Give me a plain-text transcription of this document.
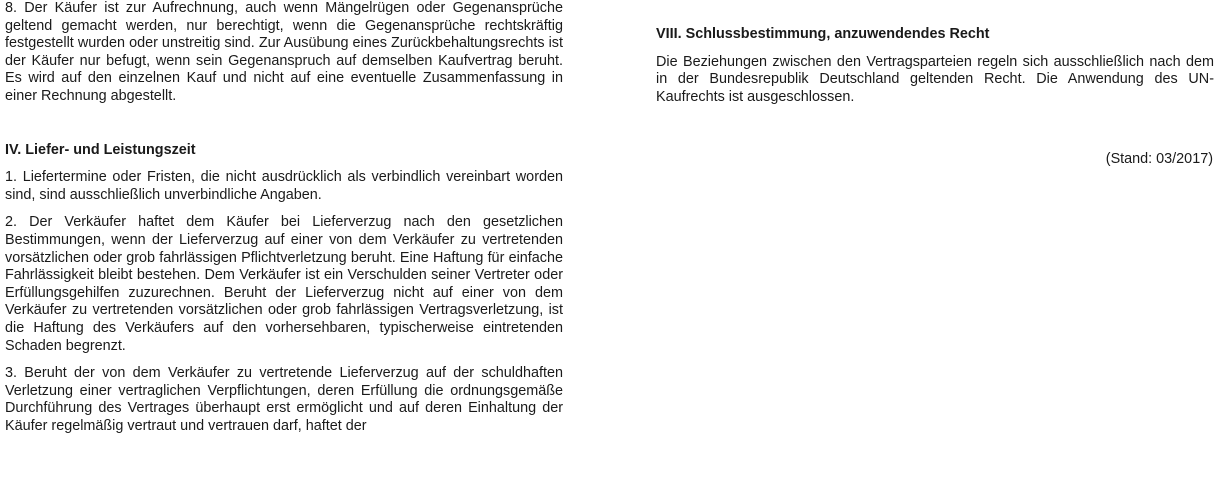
8. Der Käufer ist zur Aufrechnung, auch wenn Mängelrügen oder Gegenansprüche geltend gemacht werden, nur berechtigt, wenn die Gegenansprüche rechtskräftig festgestellt wurden oder unstreitig sind. Zur Ausübung eines Zurückbehaltungsrechts ist der Käufer nur befugt, wenn sein Gegenanspruch auf demselben Kaufvertrag beruht. Es wird auf den einzelnen Kauf und nicht auf eine eventuelle Zusammenfassung in einer Rechnung abgestellt.

IV. Liefer- und Leistungszeit

1. Liefertermine oder Fristen, die nicht ausdrücklich als verbindlich vereinbart worden sind, sind ausschließlich unverbindliche Angaben.

2. Der Verkäufer haftet dem Käufer bei Lieferverzug nach den gesetzlichen Bestimmungen, wenn der Lieferverzug auf einer von dem Verkäufer zu vertretenden vorsätzlichen oder grob fahrlässigen Pflichtverletzung beruht. Eine Haftung für einfache Fahrlässigkeit bleibt bestehen. Dem Verkäufer ist ein Verschulden seiner Vertreter oder Erfüllungsgehilfen zuzurechnen. Beruht der Lieferverzug nicht auf einer von dem Verkäufer zu vertretenden vorsätzlichen oder grob fahrlässigen Vertragsverletzung, ist die Haftung des Verkäufers auf den vorhersehbaren, typischerweise eintretenden Schaden begrenzt.

3. Beruht der von dem Verkäufer zu vertretende Lieferverzug auf der schuldhaften Verletzung einer vertraglichen Verpflichtungen, deren Erfüllung die ordnungsgemäße Durchführung des Vertrages überhaupt erst ermöglicht und auf deren Einhaltung der Käufer regelmäßig vertraut und vertrauen darf, haftet der

VIII. Schlussbestimmung, anzuwendendes Recht

Die Beziehungen zwischen den Vertragsparteien regeln sich ausschließlich nach dem in der Bundesrepublik Deutschland geltenden Recht. Die Anwendung des UN-Kaufrechts ist ausgeschlossen.

(Stand: 03/2017)
